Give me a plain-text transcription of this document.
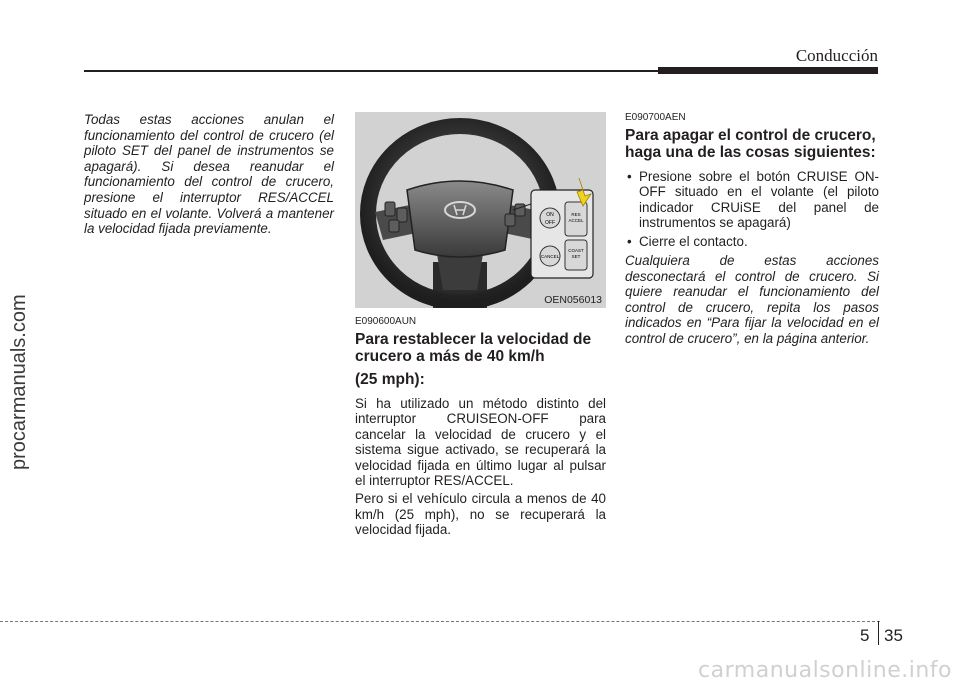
Conducción
procarmanuals.com

Todas estas acciones anulan el funcionamiento del control de crucero (el piloto SET del panel de instrumentos se apagará). Si desea reanudar el funcionamiento del control de crucero, presione el interruptor RES/ACCEL situado en el volante. Volverá a mantener la velocidad fijada previamente.

ON
OFF
CANCEL
RES
ACCEL
COAST
SET
OEN056013

E090600AUN

Para restablecer la velocidad de crucero a más de 40 km/h

(25 mph):

Si ha utilizado un método distinto del interruptor CRUISEON-OFF para cancelar la velocidad de crucero y el sistema sigue activado, se recuperará la velocidad fijada en último lugar al pulsar el interruptor RES/ACCEL.

Pero si el vehículo circula a menos de 40 km/h (25 mph), no se recuperará la velocidad fijada.

E090700AEN

Para apagar el control de crucero, haga una de las cosas siguientes:

• Presione sobre el botón CRUISE ON-OFF situado en el volante (el piloto indicador CRUiSE del panel de instrumentos se apagará)
• Cierre el contacto.

Cualquiera de estas acciones desconectará el control de crucero. Si quiere reanudar el funcionamiento del control de crucero, repita los pasos indicados en “Para fijar la velocidad en el control de crucero”, en la página anterior.

5 35
carmanualsonline.info
